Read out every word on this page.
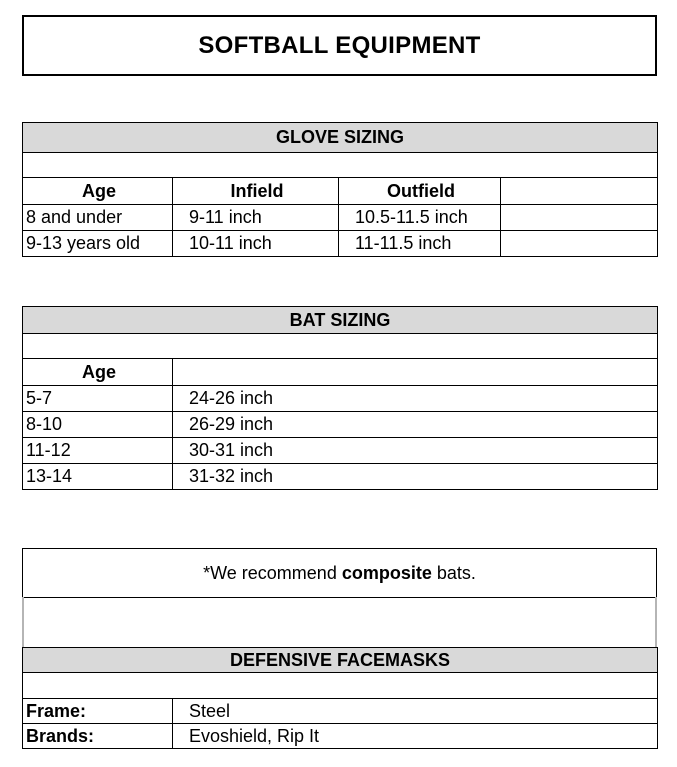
SOFTBALL EQUIPMENT
GLOVE SIZING			

Age	Infield	Outfield	
8 and under	9-11 inch	10.5-11.5 inch	
9-13 years old	10-11 inch	11-11.5 inch	
BAT SIZING	

Age	
5-7	24-26 inch
8-10	26-29 inch
11-12	30-31 inch
13-14	31-32 inch
*We recommend composite bats.
DEFENSIVE FACEMASKS	

Frame:	Steel
Brands:	Evoshield, Rip It
